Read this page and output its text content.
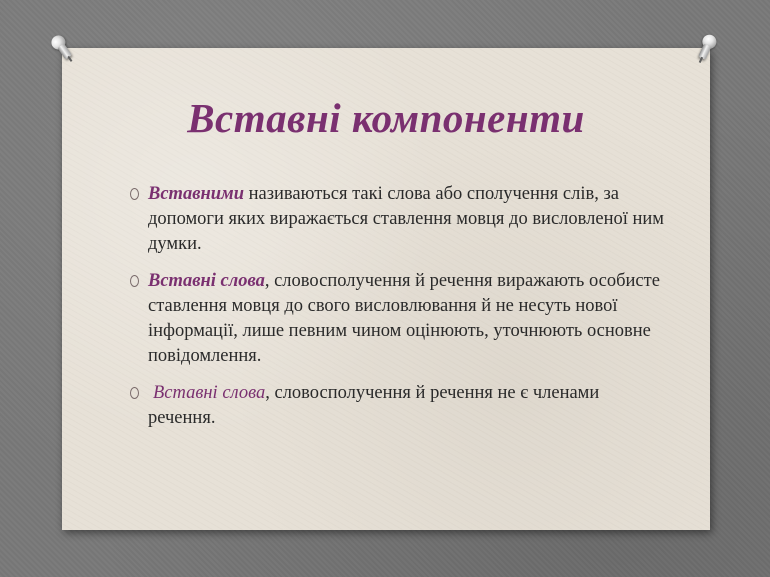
Вставні компоненти
Вставними називаються такі слова або сполучення слів, за допомоги яких виражається ставлення мовця до висловленої ним думки.
Вставні слова, словосполучення й речення виражають особисте ставлення мовця до свого висловлювання й не несуть нової інформації, лише певним чином оцінюють, уточнюють основне повідомлення.
Вставні слова, словосполучення й речення не є членами речення.
